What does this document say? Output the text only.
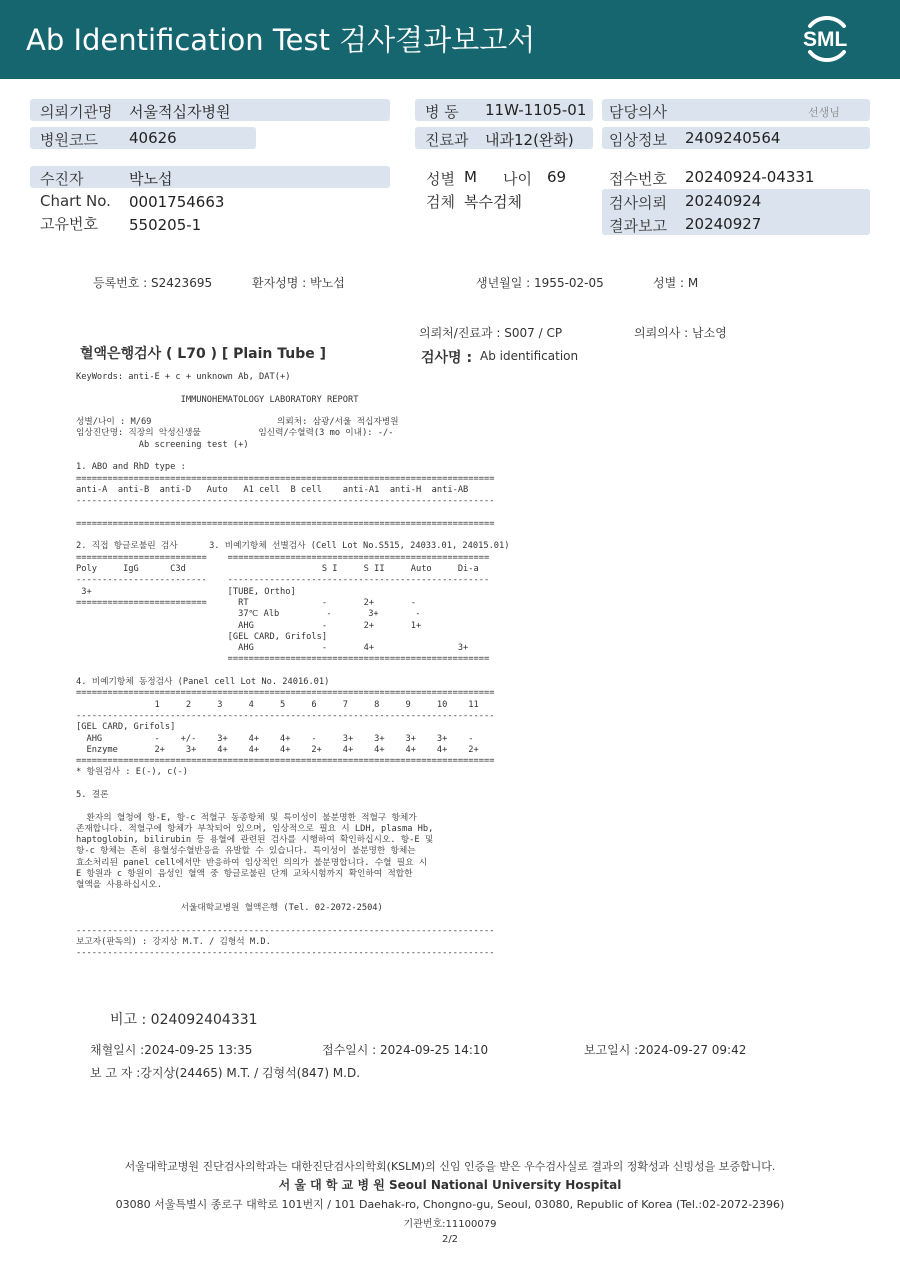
Ab Identification Test 검사결과보고서	SML
의뢰기관명 서울적십자병원
병원코드 40626
병 동 11W-1105-01
진료과 내과12(완화)
담당의사	선생님
임상정보 2409240564
수진자	박노섭
Chart No. 0001754663
고유번호 550205-1
성별 M 나이 69
검체 복수검체
접수번호 20240924-04331
검사의뢰 20240924
결과보고 20240927
등록번호 : S2423695	환자성명 : 박노섭	생년월일 : 1955-02-05	성별 : M
의뢰처/진료과 : S007 / CP	의뢰의사 : 남소영
혈액은행검사 ( L70 ) [ Plain Tube ]	검사명 : Ab identification
KeyWords: anti-E + c + unknown Ab, DAT(+)

IMMUNOHEMATOLOGY LABORATORY REPORT

성별/나이 : M/69                        의뢰처: 삼광/서울 적십자병원
임상진단명: 직장의 악성신생물           임신력/수혈력(3 mo 이내): -/-
Ab screening test (+)

1. ABO and RhD type :
================================================================================
anti-A  anti-B  anti-D   Auto   A1 cell  B cell    anti-A1  anti-H  anti-AB
--------------------------------------------------------------------------------

================================================================================

2. 직접 항글로불린 검사      3. 비예기항체 선별검사 (Cell Lot No.S515, 24033.01, 24015.01)
=========================    ==================================================
Poly     IgG      C3d                          S I     S II     Auto     Di-a
-------------------------    --------------------------------------------------
3+                          [TUBE, Ortho]
=========================      RT              -       2+       -
37℃ Alb         -       3+       -
AHG             -       2+       1+
[GEL CARD, Grifols]
AHG             -       4+                3+
==================================================

4. 비예기항체 동정검사 (Panel cell Lot No. 24016.01)
================================================================================
1     2     3     4     5     6     7     8     9     10    11
--------------------------------------------------------------------------------
[GEL CARD, Grifols]
AHG          -    +/-    3+    4+    4+    -     3+    3+    3+    3+    -
Enzyme       2+    3+    4+    4+    4+    2+    4+    4+    4+    4+    2+
================================================================================
* 항원검사 : E(-), c(-)

5. 결론

환자의 혈청에 항-E, 항-c 적혈구 동종항체 및 특이성이 불분명한 적혈구 항체가
존재합니다. 적혈구에 항체가 부착되어 있으며, 임상적으로 필요 시 LDH, plasma Hb,
haptoglobin, bilirubin 등 용혈에 관련된 검사를 시행하여 확인하십시오. 항-E 및
항-c 항체는 흔히 용혈성수혈반응을 유발할 수 있습니다. 특이성이 불분명한 항체는
효소처리된 panel cell에서만 반응하여 임상적인 의의가 불분명합니다. 수혈 필요 시
E 항원과 c 항원이 음성인 혈액 중 항글로불린 단계 교차시험까지 확인하여 적합한
혈액을 사용하십시오.

서울대학교병원 혈액은행 (Tel. 02-2072-2504)

--------------------------------------------------------------------------------
보고자(판독의) : 강지상 M.T. / 김형석 M.D.
--------------------------------------------------------------------------------
비고 : 024092404331
채혈일시 :2024-09-25 13:35	접수일시 : 2024-09-25 14:10	보고일시 :2024-09-27 09:42
보 고 자 :강지상(24465) M.T. / 김형석(847) M.D.
서울대학교병원 진단검사의학과는 대한진단검사의학회(KSLM)의 신임 인증을 받은 우수검사실로 결과의 정확성과 신빙성을 보증합니다.
서 울 대 학 교 병 원 Seoul National University Hospital
03080 서울특별시 종로구 대학로 101번지 / 101 Daehak-ro, Chongno-gu, Seoul, 03080, Republic of Korea (Tel.:02-2072-2396)
기관번호:11100079
2/2
